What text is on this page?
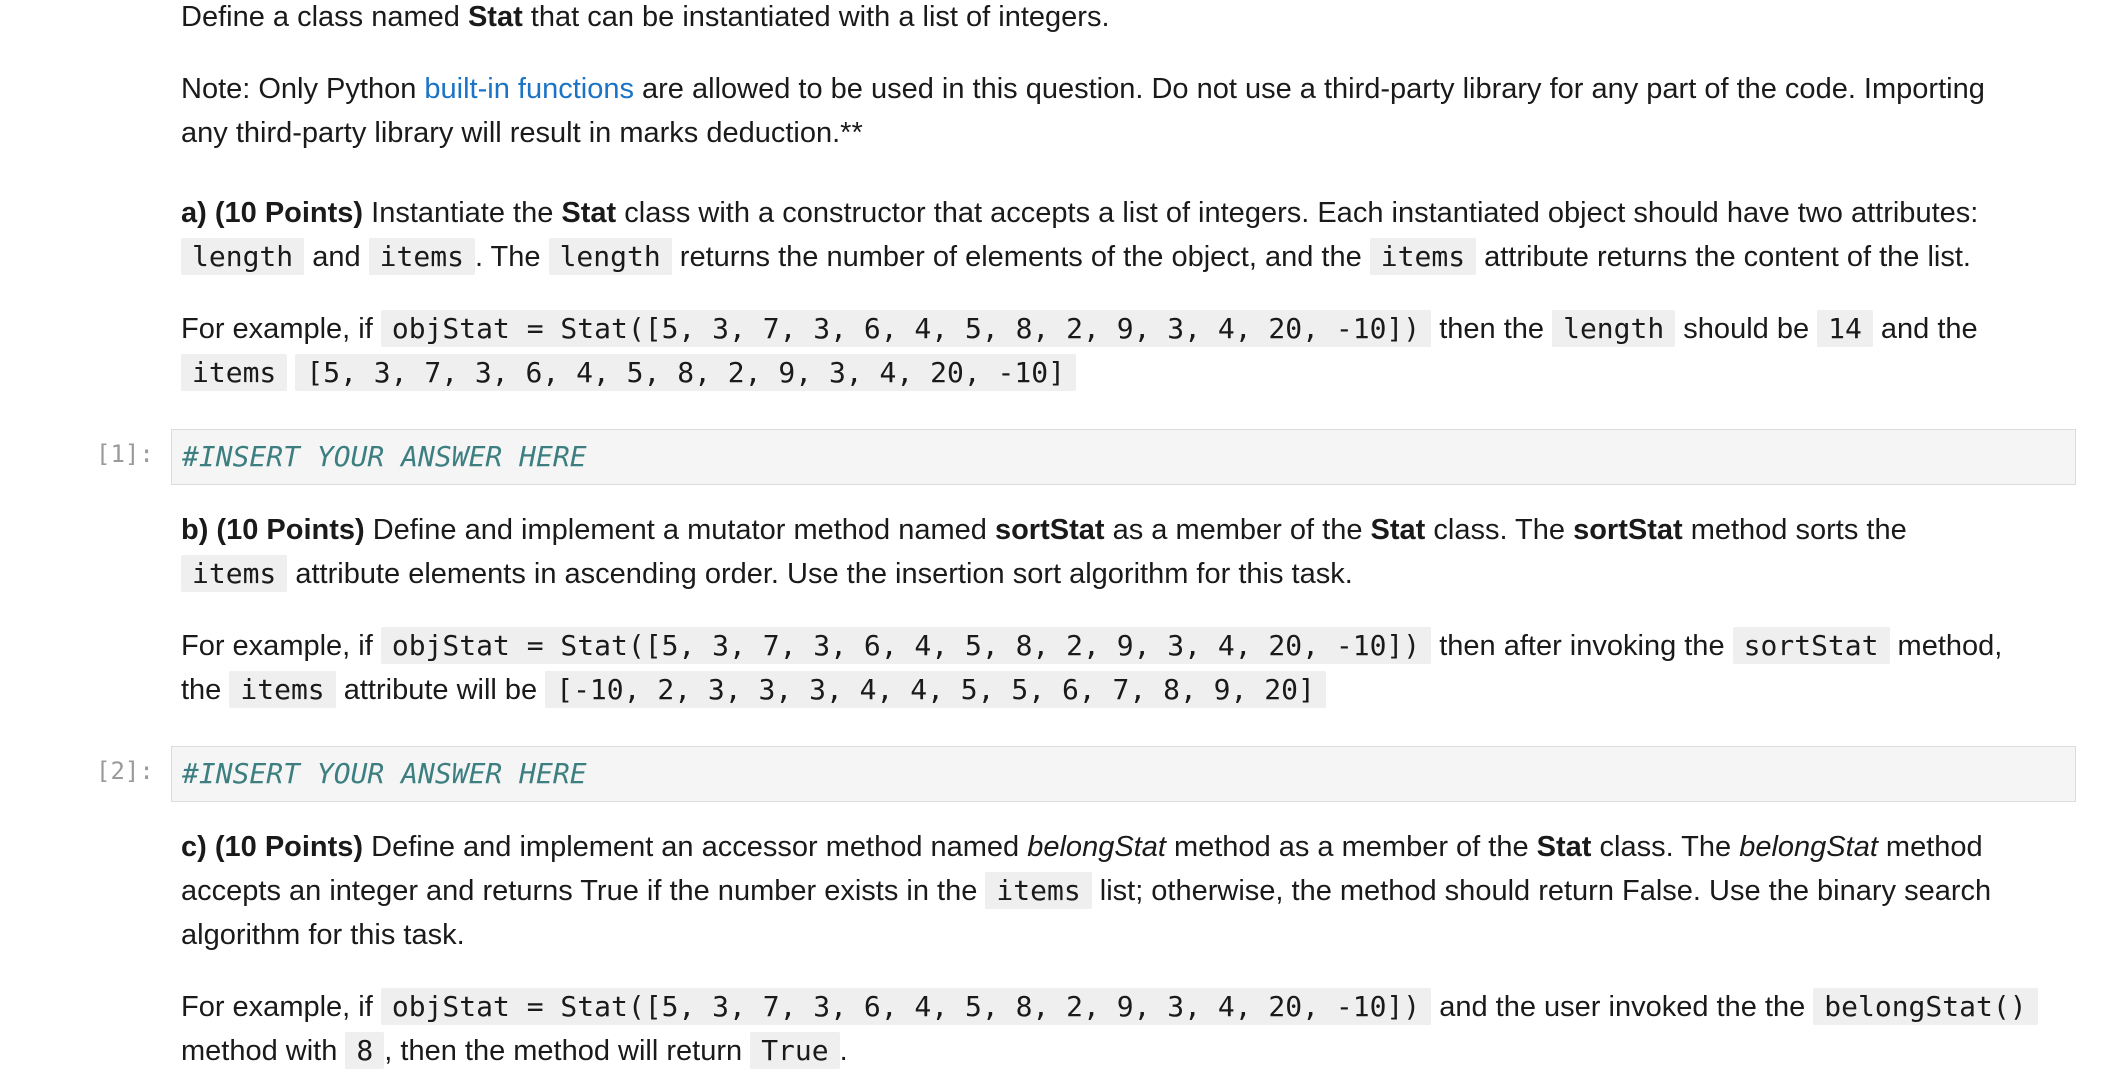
Define a class named Stat that can be instantiated with a list of integers.

Note: Only Python built-in functions are allowed to be used in this question. Do not use a third-party library for any part of the code. Importing

any third-party library will result in marks deduction.**

a) (10 Points) Instantiate the Stat class with a constructor that accepts a list of integers. Each instantiated object should have two attributes:

length and items . The length returns the number of elements of the object, and the items attribute returns the content of the list.

For example, if objStat = Stat([5, 3, 7, 3, 6, 4, 5, 8, 2, 9, 3, 4, 20, -10]) then the length should be 14 and the

items [5, 3, 7, 3, 6, 4, 5, 8, 2, 9, 3, 4, 20, -10]

[1]: #INSERT YOUR ANSWER HERE

b) (10 Points) Define and implement a mutator method named sortStat as a member of the Stat class. The sortStat method sorts the

items attribute elements in ascending order. Use the insertion sort algorithm for this task.

For example, if objStat = Stat([5, 3, 7, 3, 6, 4, 5, 8, 2, 9, 3, 4, 20, -10]) then after invoking the sortStat method,

the items attribute will be [-10, 2, 3, 3, 3, 4, 4, 5, 5, 6, 7, 8, 9, 20]

[2]: #INSERT YOUR ANSWER HERE

c) (10 Points) Define and implement an accessor method named belongStat method as a member of the Stat class. The belongStat method

accepts an integer and returns True if the number exists in the items list; otherwise, the method should return False. Use the binary search

algorithm for this task.

For example, if objStat = Stat([5, 3, 7, 3, 6, 4, 5, 8, 2, 9, 3, 4, 20, -10]) and the user invoked the the belongStat()

method with 8 , then the method will return True .
